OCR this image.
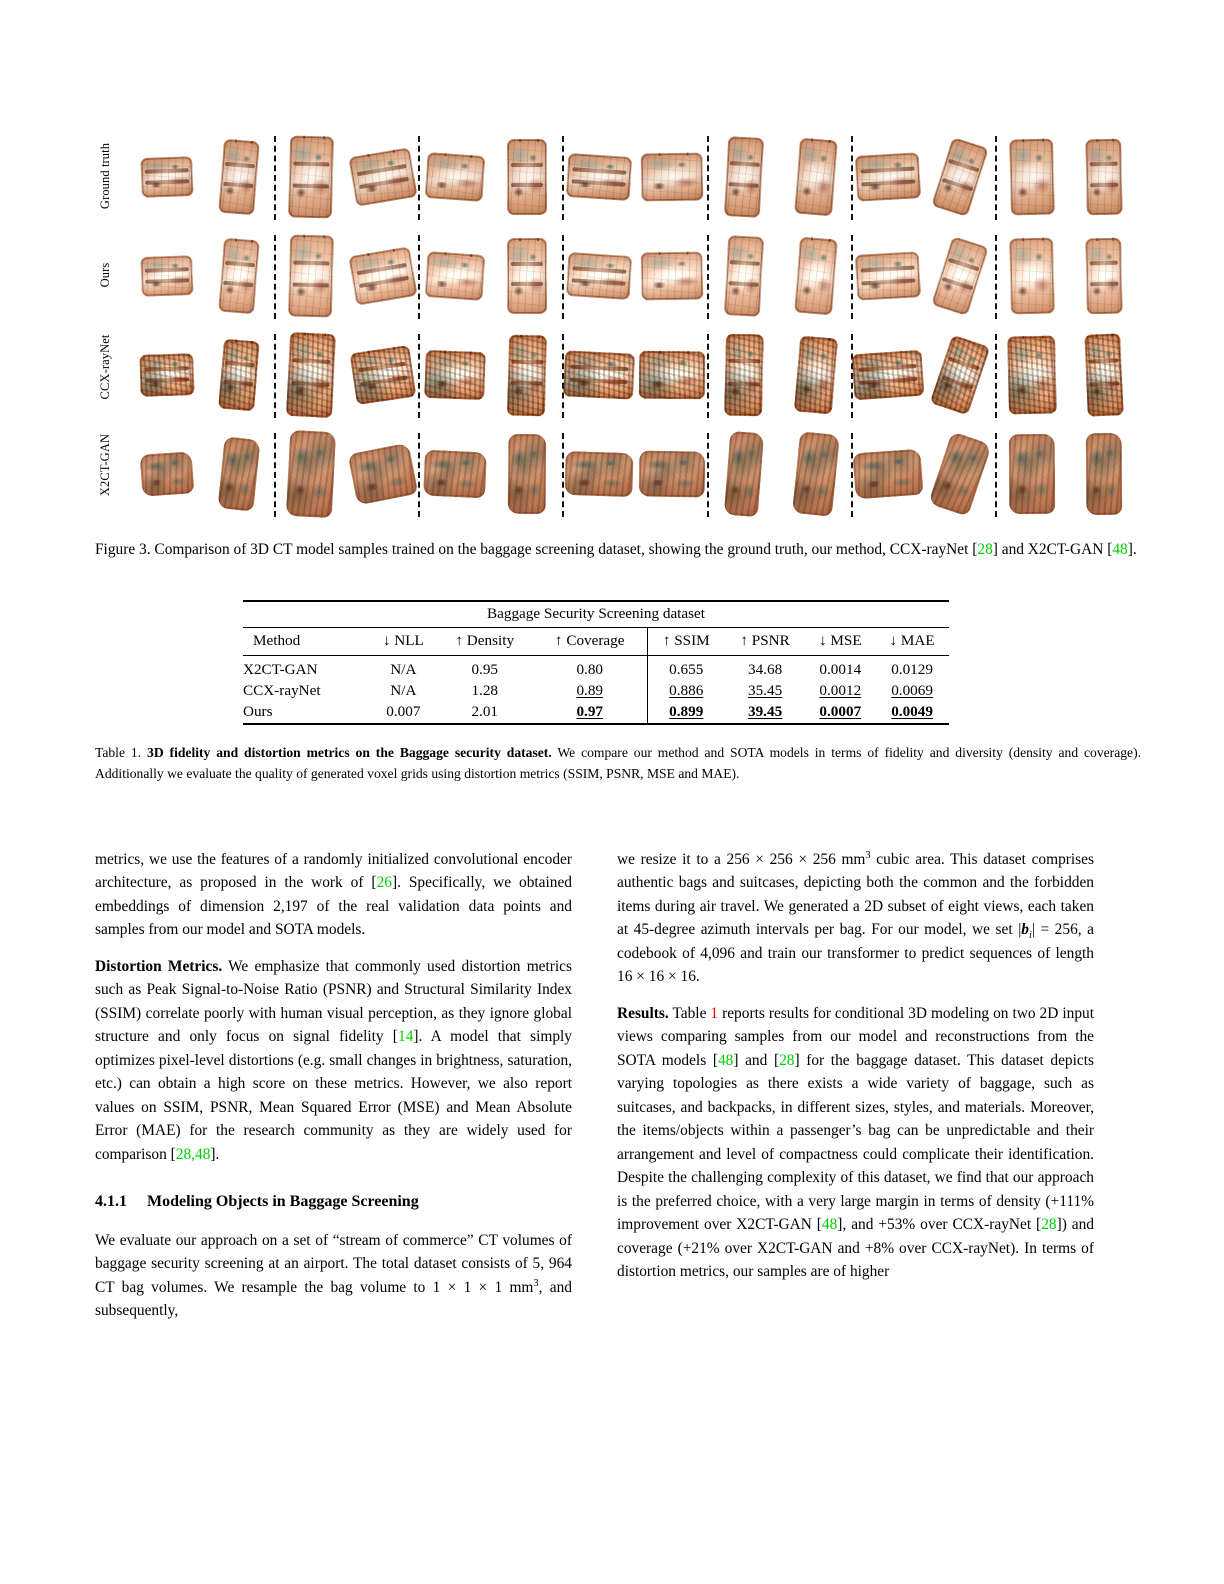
Ground truth
Ours
CCX-rayNet
X2CT-GAN
Figure 3. Comparison of 3D CT model samples trained on the baggage screening dataset, showing the ground truth, our method, CCX-rayNet [28] and X2CT-GAN [48].
Baggage Security Screening dataset							
Method	↓ NLL	↑ Density	↑ Coverage	↑ SSIM	↑ PSNR	↓ MSE	↓ MAE
X2CT-GAN	N/A	0.95	0.80	0.655	34.68	0.0014	0.0129
CCX-rayNet	N/A	1.28	0.89	0.886	35.45	0.0012	0.0069
Ours	0.007	2.01	0.97	0.899	39.45	0.0007	0.0049

Table 1. 3D fidelity and distortion metrics on the Baggage security dataset. We compare our method and SOTA models in terms of fidelity and diversity (density and coverage). Additionally we evaluate the quality of generated voxel grids using distortion metrics (SSIM, PSNR, MSE and MAE).

metrics, we use the features of a randomly initialized convolutional encoder architecture, as proposed in the work of [26]. Specifically, we obtained embeddings of dimension 2,197 of the real validation data points and samples from our model and SOTA models.

Distortion Metrics. We emphasize that commonly used distortion metrics such as Peak Signal-to-Noise Ratio (PSNR) and Structural Similarity Index (SSIM) correlate poorly with human visual perception, as they ignore global structure and only focus on signal fidelity [14]. A model that simply optimizes pixel-level distortions (e.g. small changes in brightness, saturation, etc.) can obtain a high score on these metrics. However, we also report values on SSIM, PSNR, Mean Squared Error (MSE) and Mean Absolute Error (MAE) for the research community as they are widely used for comparison [28,48].

4.1.1 Modeling Objects in Baggage Screening

We evaluate our approach on a set of “stream of commerce” CT volumes of baggage security screening at an airport. The total dataset consists of 5, 964 CT bag volumes. We resample the bag volume to 1 × 1 × 1 $mm^3$, and subsequently,

we resize it to a 256 × 256 × 256 $mm^3$ cubic area. This dataset comprises authentic bags and suitcases, depicting both the common and the forbidden items during air travel. We generated a 2D subset of eight views, each taken at 45-degree azimuth intervals per bag. For our model, we set $|b_i| = 256$, a codebook of 4,096 and train our transformer to predict sequences of length 16 × 16 × 16.

Results. Table 1 reports results for conditional 3D modeling on two 2D input views comparing samples from our model and reconstructions from the SOTA models [48] and [28] for the baggage dataset. This dataset depicts varying topologies as there exists a wide variety of baggage, such as suitcases, and backpacks, in different sizes, styles, and materials. Moreover, the items/objects within a passenger’s bag can be unpredictable and their arrangement and level of compactness could complicate their identification. Despite the challenging complexity of this dataset, we find that our approach is the preferred choice, with a very large margin in terms of density (+111% improvement over X2CT-GAN [48], and +53% over CCX-rayNet [28]) and coverage (+21% over X2CT-GAN and +8% over CCX-rayNet). In terms of distortion metrics, our samples are of higher
